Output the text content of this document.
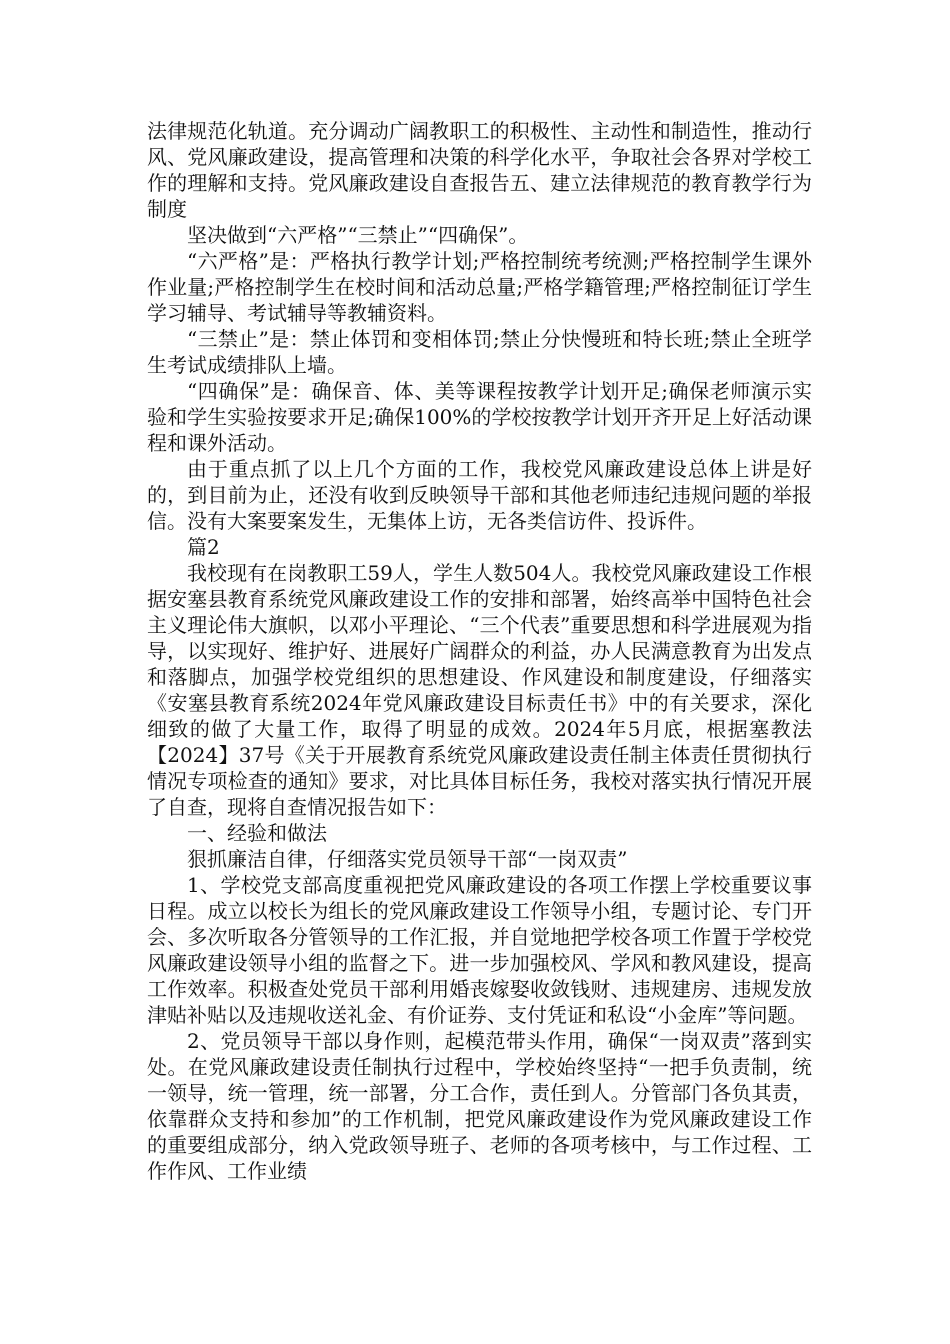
法律规范化轨道。充分调动广阔教职工的积极性、主动性和制造性，推动行风、党风廉政建设，提高管理和决策的科学化水平，争取社会各界对学校工作的理解和支持。党风廉政建设自查报告五、建立法律规范的教育教学行为制度

坚决做到“六严格”“三禁止”“四确保”。

“六严格”是：严格执行教学计划;严格控制统考统测;严格控制学生课外作业量;严格控制学生在校时间和活动总量;严格学籍管理;严格控制征订学生学习辅导、考试辅导等教辅资料。

“三禁止”是：禁止体罚和变相体罚;禁止分快慢班和特长班;禁止全班学生考试成绩排队上墙。

“四确保”是：确保音、体、美等课程按教学计划开足;确保老师演示实验和学生实验按要求开足;确保100%的学校按教学计划开齐开足上好活动课程和课外活动。

由于重点抓了以上几个方面的工作，我校党风廉政建设总体上讲是好的，到目前为止，还没有收到反映领导干部和其他老师违纪违规问题的举报信。没有大案要案发生，无集体上访，无各类信访件、投诉件。

篇2

我校现有在岗教职工59人，学生人数504人。我校党风廉政建设工作根据安塞县教育系统党风廉政建设工作的安排和部署，始终高举中国特色社会主义理论伟大旗帜，以邓小平理论、“三个代表”重要思想和科学进展观为指导，以实现好、维护好、进展好广阔群众的利益，办人民满意教育为出发点和落脚点，加强学校党组织的思想建设、作风建设和制度建设，仔细落实《安塞县教育系统2024年党风廉政建设目标责任书》中的有关要求，深化细致的做了大量工作，取得了明显的成效。2024年5月底，根据塞教法【2024】37号《关于开展教育系统党风廉政建设责任制主体责任贯彻执行情况专项检查的通知》要求，对比具体目标任务，我校对落实执行情况开展了自查，现将自查情况报告如下：

一、经验和做法

狠抓廉洁自律，仔细落实党员领导干部“一岗双责”

1、学校党支部高度重视把党风廉政建设的各项工作摆上学校重要议事日程。成立以校长为组长的党风廉政建设工作领导小组，专题讨论、专门开会、多次听取各分管领导的工作汇报，并自觉地把学校各项工作置于学校党风廉政建设领导小组的监督之下。进一步加强校风、学风和教风建设，提高工作效率。积极查处党员干部利用婚丧嫁娶收敛钱财、违规建房、违规发放津贴补贴以及违规收送礼金、有价证券、支付凭证和私设“小金库”等问题。

2、党员领导干部以身作则，起模范带头作用，确保“一岗双责”落到实处。在党风廉政建设责任制执行过程中，学校始终坚持“一把手负责制，统一领导，统一管理，统一部署，分工合作，责任到人。分管部门各负其责，依靠群众支持和参加”的工作机制，把党风廉政建设作为党风廉政建设工作的重要组成部分，纳入党政领导班子、老师的各项考核中，与工作过程、工作作风、工作业绩
